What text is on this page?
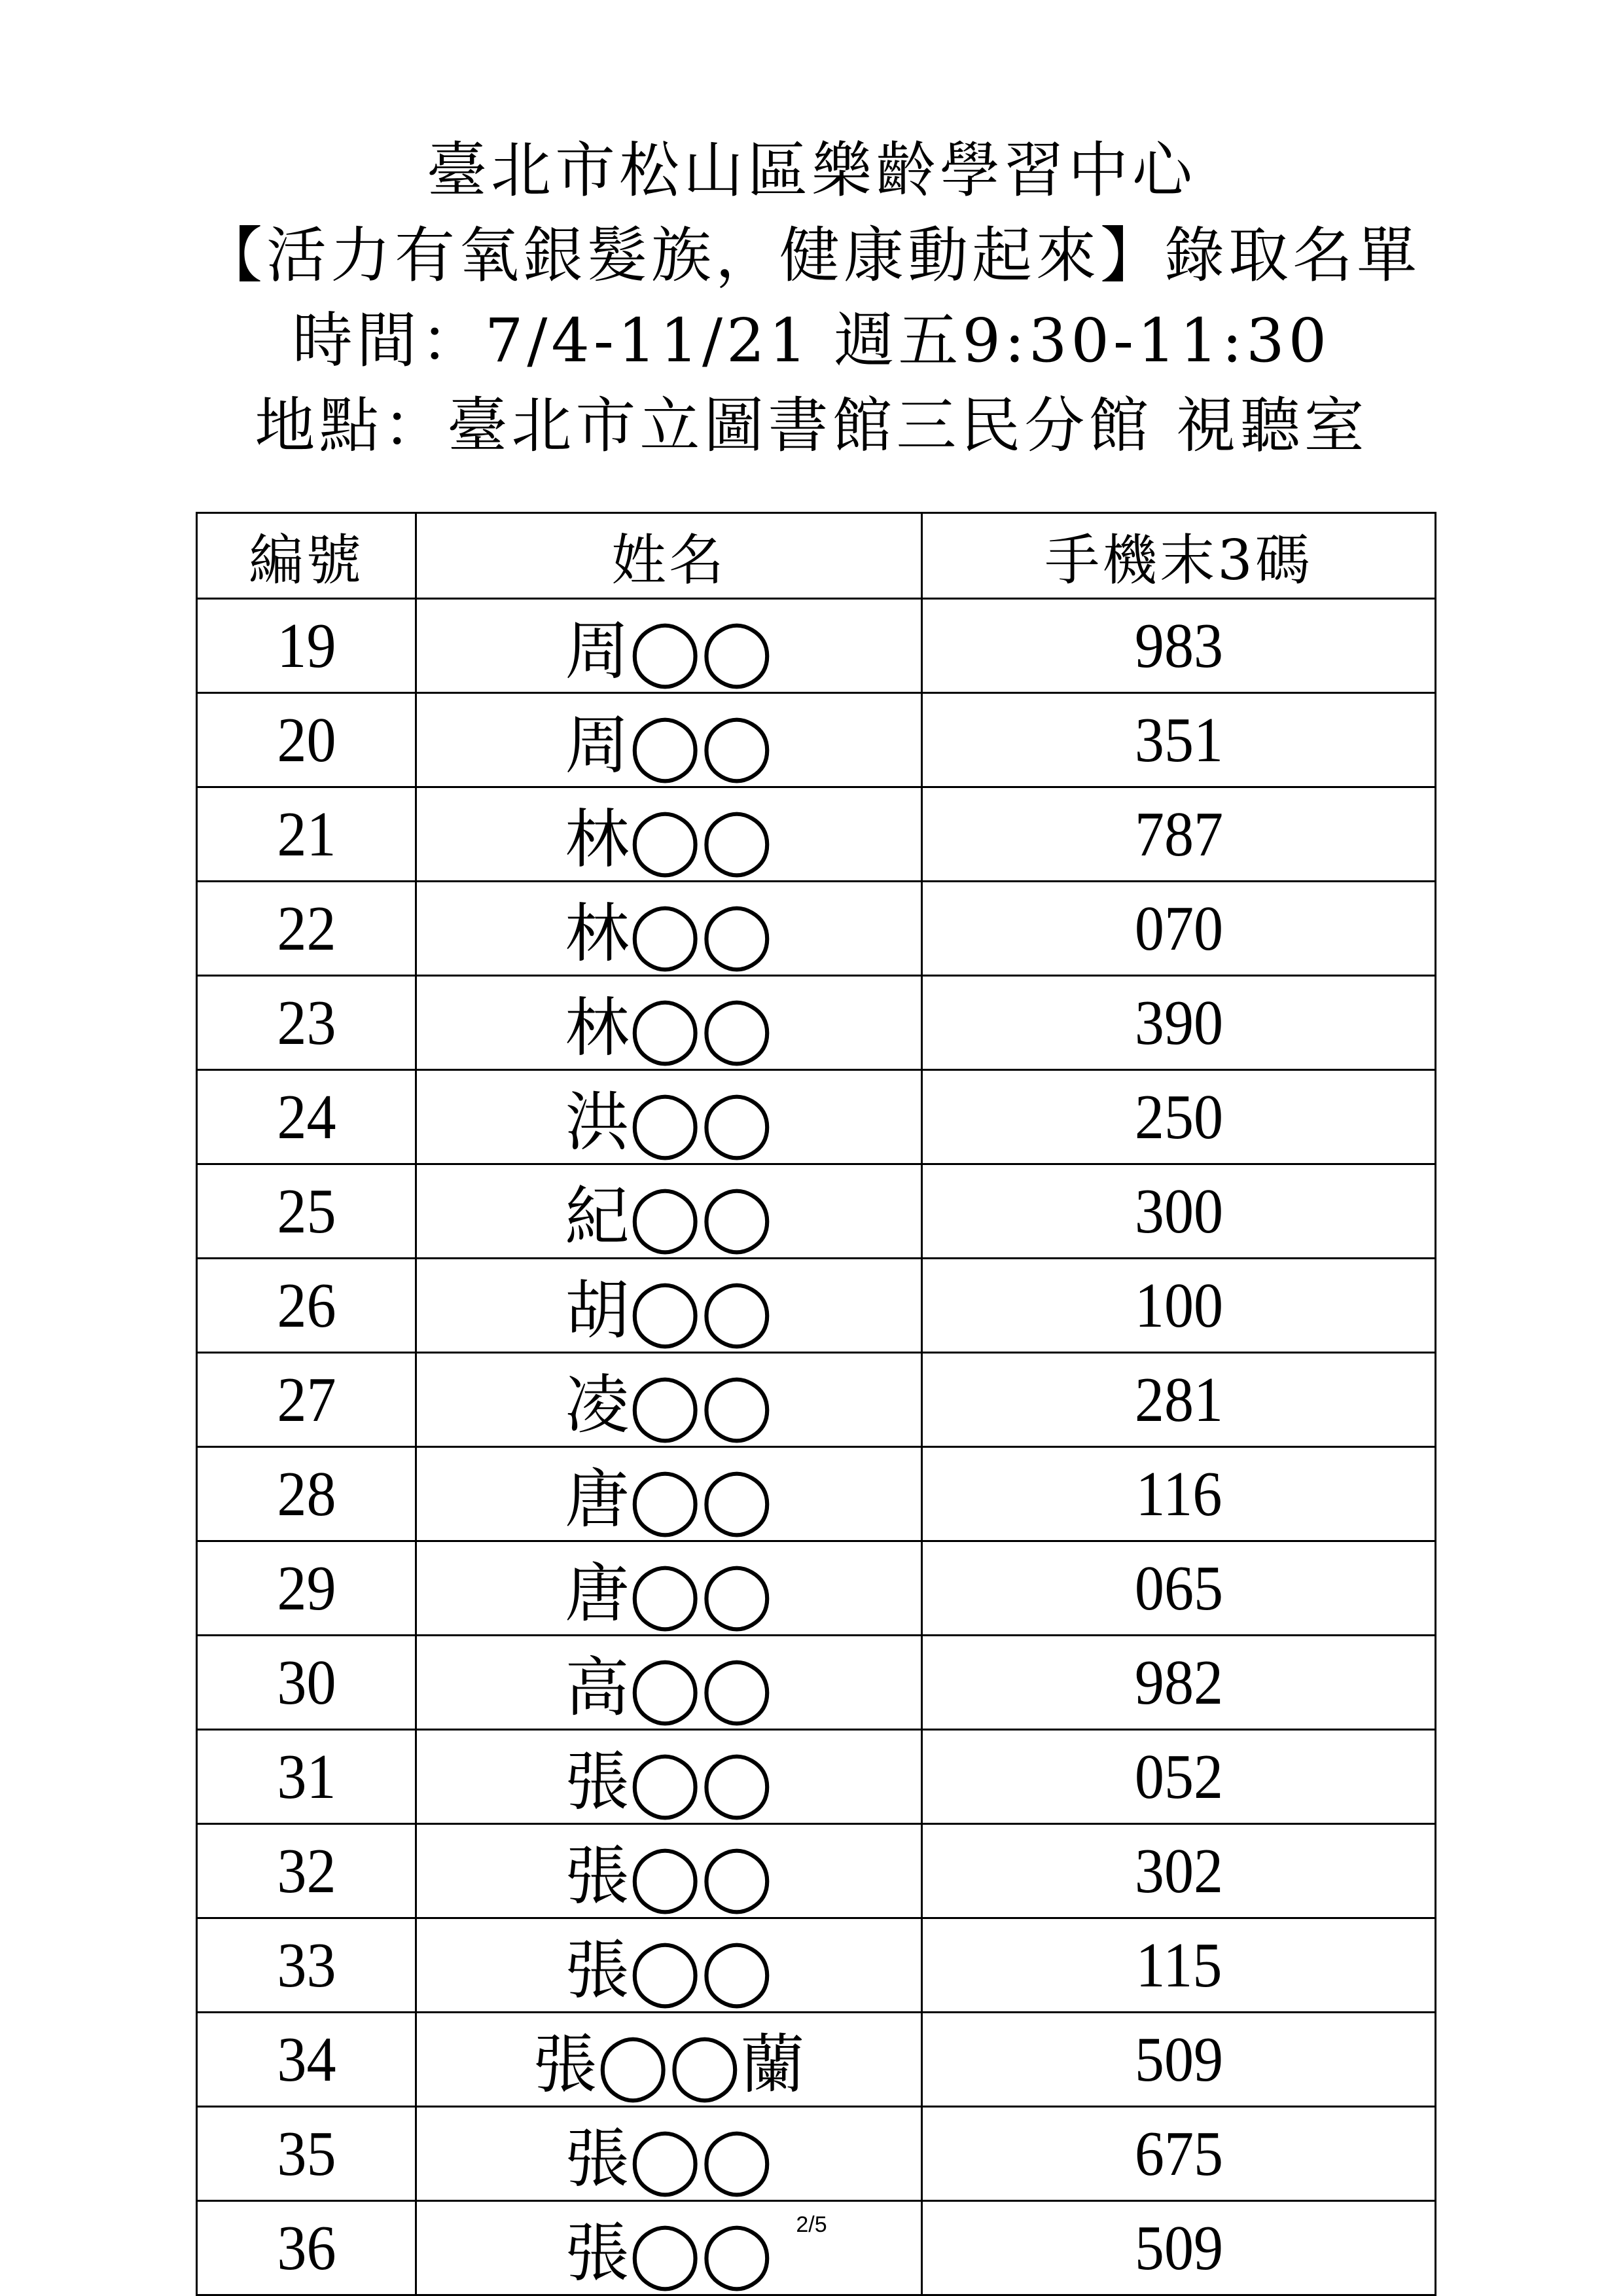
臺北市松山區樂齡學習中心
【活力有氧銀髮族，健康動起來】錄取名單
時間：7/4-11/21 週五9:30-11:30
地點：臺北市立圖書館三民分館 視聽室
編號	姓名	手機末3碼
19	周◯◯	983
20	周◯◯	351
21	林◯◯	787
22	林◯◯	070
23	林◯◯	390
24	洪◯◯	250
25	紀◯◯	300
26	胡◯◯	100
27	凌◯◯	281
28	唐◯◯	116
29	唐◯◯	065
30	高◯◯	982
31	張◯◯	052
32	張◯◯	302
33	張◯◯	115
34	張◯◯蘭	509
35	張◯◯	675
36	張◯◯	509
2/5
